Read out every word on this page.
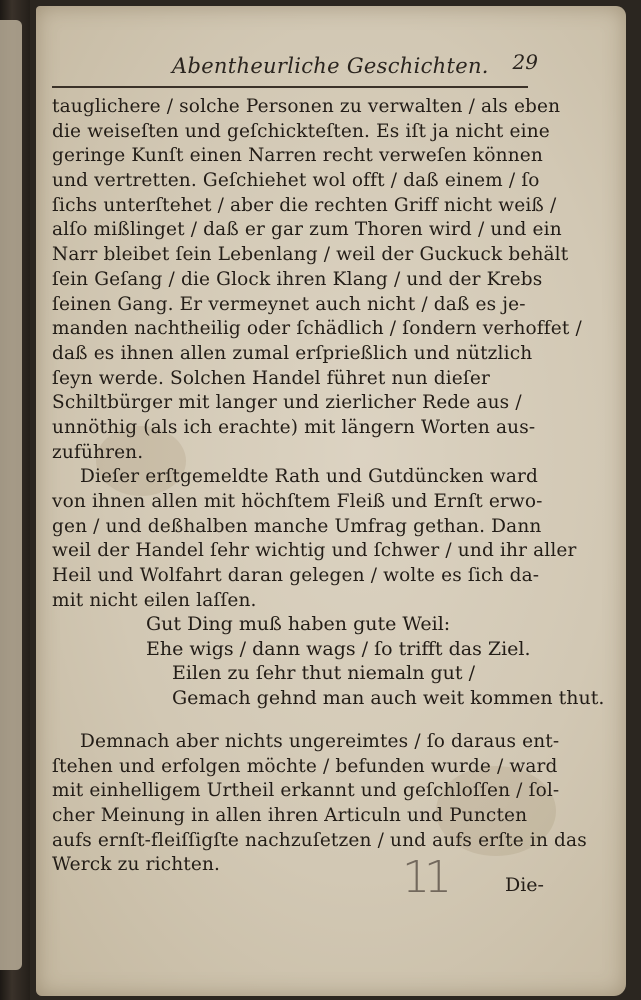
Abentheurliche Geschichten. 29
tauglichere / solche Personen zu verwalten / als eben
die weiseſten und geſchickteſten. Es iſt ja nicht eine
geringe Kunſt einen Narren recht verweſen können
und vertretten. Geſchiehet wol offt / daß einem / ſo
ſichs unterſtehet / aber die rechten Griff nicht weiß /
alſo mißlinget / daß er gar zum Thoren wird / und ein
Narr bleibet ſein Lebenlang / weil der Guckuck behält
ſein Geſang / die Glock ihren Klang / und der Krebs
ſeinen Gang. Er vermeynet auch nicht / daß es je-
manden nachtheilig oder ſchädlich / ſondern verhoffet /
daß es ihnen allen zumal erſprießlich und nützlich
ſeyn werde. Solchen Handel führet nun dieſer
Schiltbürger mit langer und zierlicher Rede aus /
unnöthig (als ich erachte) mit längern Worten aus-
zuführen.
Dieſer erſtgemeldte Rath und Gutdüncken ward
von ihnen allen mit höchſtem Fleiß und Ernſt erwo-
gen / und deßhalben manche Umfrag gethan. Dann
weil der Handel ſehr wichtig und ſchwer / und ihr aller
Heil und Wolfahrt daran gelegen / wolte es ſich da-
mit nicht eilen laſſen.
Gut Ding muß haben gute Weil:
Ehe wigs / dann wags / ſo trifft das Ziel.
Eilen zu ſehr thut niemaln gut /
Gemach gehnd man auch weit kommen thut.
Demnach aber nichts ungereimtes / ſo daraus ent-
ſtehen und erfolgen möchte / befunden wurde / ward
mit einhelligem Urtheil erkannt und geſchloſſen / ſol-
cher Meinung in allen ihren Articuln und Puncten
aufs ernſt-fleiſſigſte nachzuſetzen / und aufs erſte in das
Werck zu richten.	11	Die-
